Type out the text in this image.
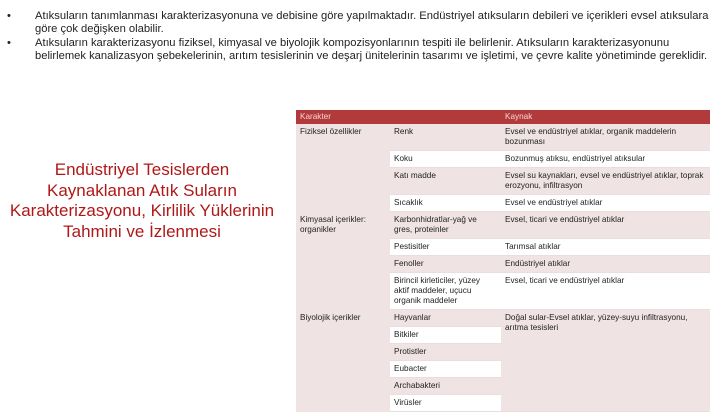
•	Atıksuların tanımlanması karakterizasyonuna ve debisine göre yapılmaktadır. Endüstriyel atıksuların debileri ve içerikleri evsel atıksulara göre çok değişken olabilir.
•	Atıksuların karakterizasyonu fiziksel, kimyasal ve biyolojik kompozisyonlarının tespiti ile belirlenir. Atıksuların karakterizasyonunu belirlemek kanalizasyon şebekelerinin, arıtım tesislerinin ve deşarj ünitelerinin tasarımı ve işletimi, ve çevre kalite yönetiminde gereklidir.
Endüstriyel Tesislerden Kaynaklanan Atık Suların Karakterizasyonu, Kirlilik Yüklerinin Tahmini ve İzlenmesi
Karakter		Kaynak
Fiziksel özellikler	Renk	Evsel ve endüstriyel atıklar, organik maddelerin bozunması
	Koku	Bozunmuş atıksu, endüstriyel atıksular
	Katı madde	Evsel su kaynakları, evsel ve endüstriyel atıklar, toprak erozyonu, infiltrasyon
	Sıcaklık	Evsel ve endüstriyel atıklar
Kimyasal içerikler: organikler	Karbonhidratlar-yağ ve gres, proteinler	Evsel, ticari ve endüstriyel atıklar
	Pestisitler	Tarımsal atıklar
	Fenoller	Endüstriyel atıklar
	Birincil kirleticiler, yüzey aktif maddeler, uçucu organik maddeler	Evsel, ticari ve endüstriyel atıklar
Biyolojik içerikler	Hayvanlar	Doğal sular-Evsel atıklar, yüzey-suyu infiltrasyonu, arıtma tesisleri
	Bitkiler	
	Protistler	
	Eubacter	
	Archabakteri	
	Virüsler	
